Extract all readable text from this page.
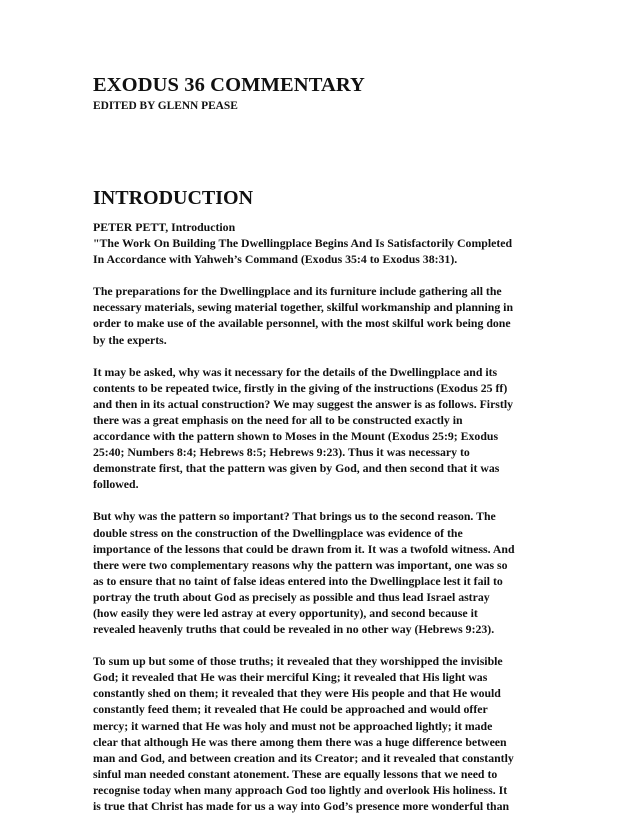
EXODUS 36 COMMENTARY
EDITED BY GLENN PEASE
INTRODUCTION
PETER PETT, Introduction
"The Work On Building The Dwellingplace Begins And Is Satisfactorily Completed
In Accordance with Yahweh’s Command (Exodus 35:4 to Exodus 38:31).
The preparations for the Dwellingplace and its furniture include gathering all the
necessary materials, sewing material together, skilful workmanship and planning in
order to make use of the available personnel, with the most skilful work being done
by the experts.
It may be asked, why was it necessary for the details of the Dwellingplace and its
contents to be repeated twice, firstly in the giving of the instructions (Exodus 25 ff)
and then in its actual construction? We may suggest the answer is as follows. Firstly
there was a great emphasis on the need for all to be constructed exactly in
accordance with the pattern shown to Moses in the Mount (Exodus 25:9; Exodus
25:40; Numbers 8:4; Hebrews 8:5; Hebrews 9:23). Thus it was necessary to
demonstrate first, that the pattern was given by God, and then second that it was
followed.
But why was the pattern so important? That brings us to the second reason. The
double stress on the construction of the Dwellingplace was evidence of the
importance of the lessons that could be drawn from it. It was a twofold witness. And
there were two complementary reasons why the pattern was important, one was so
as to ensure that no taint of false ideas entered into the Dwellingplace lest it fail to
portray the truth about God as precisely as possible and thus lead Israel astray
(how easily they were led astray at every opportunity), and second because it
revealed heavenly truths that could be revealed in no other way (Hebrews 9:23).
To sum up but some of those truths; it revealed that they worshipped the invisible
God; it revealed that He was their merciful King; it revealed that His light was
constantly shed on them; it revealed that they were His people and that He would
constantly feed them; it revealed that He could be approached and would offer
mercy; it warned that He was holy and must not be approached lightly; it made
clear that although He was there among them there was a huge difference between
man and God, and between creation and its Creator; and it revealed that constantly
sinful man needed constant atonement. These are equally lessons that we need to
recognise today when many approach God too lightly and overlook His holiness. It
is true that Christ has made for us a way into God’s presence more wonderful than
